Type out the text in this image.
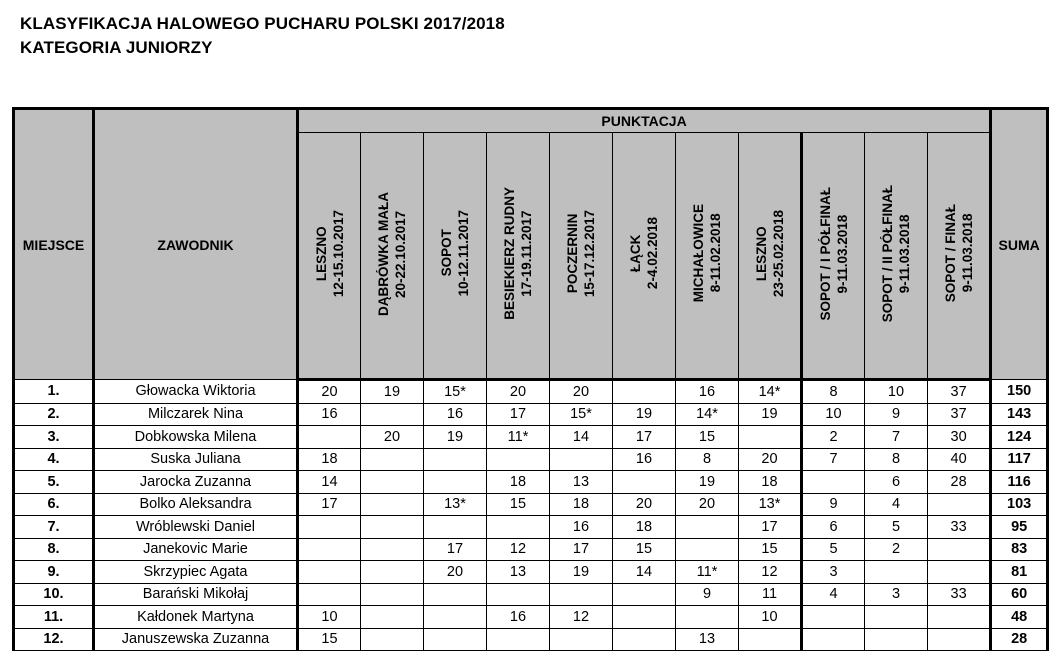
KLASYFIKACJA HALOWEGO PUCHARU POLSKI 2017/2018
KATEGORIA JUNIORZY
MIEJSCE	ZAWODNIK	PUNKTACJA											SUMA

		LESZNO 12-15.10.2017	DĄBRÓWKA MAŁA 20-22.10.2017	SOPOT 10-12.11.2017	BESIEKIERZ RUDNY 17-19.11.2017	POCZERNIN 15-17.12.2017	ŁĄCK 2-4.02.2018	MICHAŁOWICE 8-11.02.2018	LESZNO 23-25.02.2018	SOPOT / I PÓŁFINAŁ 9-11.03.2018	SOPOT / II PÓŁFINAŁ 9-11.03.2018	SOPOT / FINAŁ 9-11.03.2018	

1.	Głowacka Wiktoria	20	19	15*	20	20		16	14*	8	10	37	150
2.	Milczarek Nina	16		16	17	15*	19	14*	19	10	9	37	143
3.	Dobkowska Milena		20	19	11*	14	17	15		2	7	30	124
4.	Suska Juliana	18					16	8	20	7	8	40	117
5.	Jarocka Zuzanna	14			18	13		19	18		6	28	116
6.	Bolko Aleksandra	17		13*	15	18	20	20	13*	9	4		103
7.	Wróblewski Daniel					16	18		17	6	5	33	95
8.	Janekovic Marie			17	12	17	15		15	5	2		83
9.	Skrzypiec Agata			20	13	19	14	11*	12	3			81
10.	Barański Mikołaj							9	11	4	3	33	60
11.	Kałdonek Martyna	10			16	12			10				48
12.	Januszewska Zuzanna	15						13					28
